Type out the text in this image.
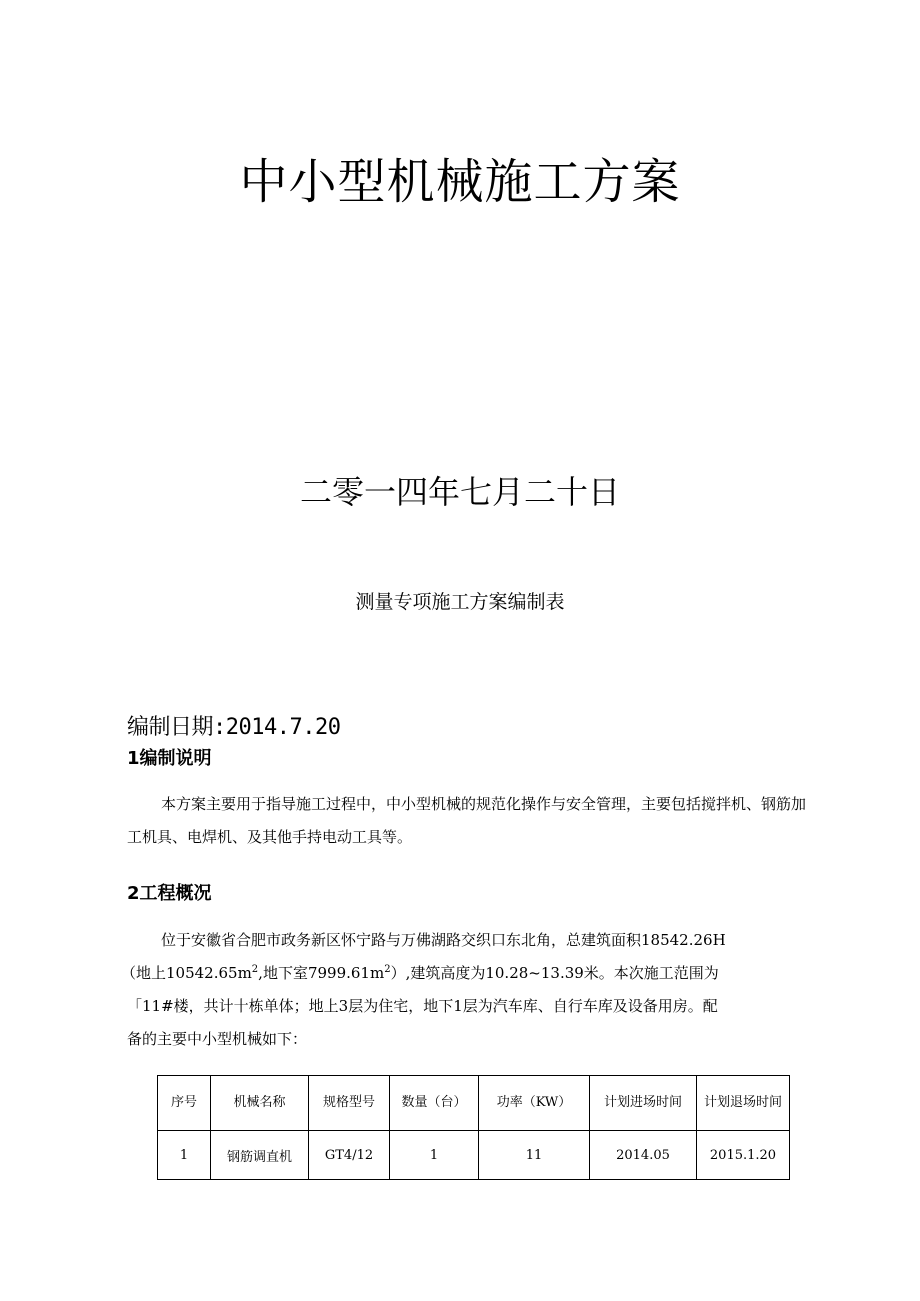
中小型机械施工方案
二零一四年七月二十日
测量专项施工方案编制表
编制日期:2014.7.20
1编制说明
本方案主要用于指导施工过程中，中小型机械的规范化操作与安全管理，主要包括搅拌机、钢筋加工机具、电焊机、及其他手持电动工具等。
2工程概况
位于安徽省合肥市政务新区怀宁路与万佛湖路交织口东北角，总建筑面积18542.26H
（地上$10542.65m^2$,地下室$7999.61m^2$）,建筑高度为10.28~13.39米。本次施工范围为
「11#楼，共计十栋单体；地上3层为住宅，地下1层为汽车库、自行车库及设备用房。配
备的主要中小型机械如下：
序号	机械名称	规格型号	数量（台）	功率（KW）	计划进场时间	计划退场时间
1	钢筋调直机	GT4/12	1	11	2014.05	2015.1.20
